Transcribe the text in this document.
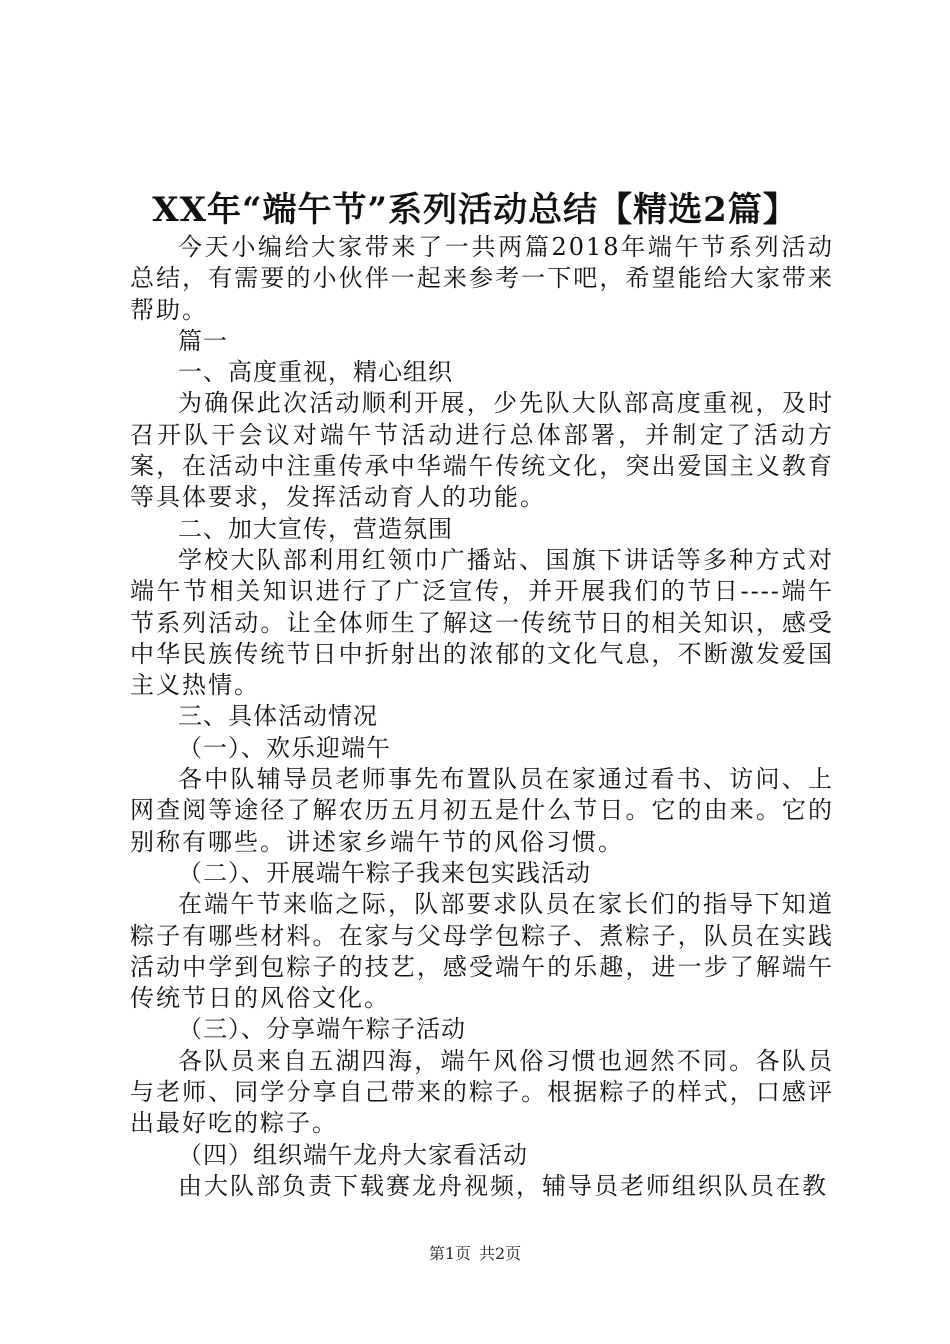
XX年“端午节”系列活动总结【精选2篇】

今天小编给大家带来了一共两篇2018年端午节系列活动总结，有需要的小伙伴一起来参考一下吧，希望能给大家带来帮助。

篇一

一、高度重视，精心组织

为确保此次活动顺利开展，少先队大队部高度重视，及时召开队干会议对端午节活动进行总体部署，并制定了活动方案，在活动中注重传承中华端午传统文化，突出爱国主义教育等具体要求，发挥活动育人的功能。

二、加大宣传，营造氛围

学校大队部利用红领巾广播站、国旗下讲话等多种方式对端午节相关知识进行了广泛宣传，并开展我们的节日----端午节系列活动。让全体师生了解这一传统节日的相关知识，感受中华民族传统节日中折射出的浓郁的文化气息，不断激发爱国主义热情。

三、具体活动情况

（一）、欢乐迎端午

各中队辅导员老师事先布置队员在家通过看书、访问、上网查阅等途径了解农历五月初五是什么节日。它的由来。它的别称有哪些。讲述家乡端午节的风俗习惯。

（二）、开展端午粽子我来包实践活动

在端午节来临之际，队部要求队员在家长们的指导下知道粽子有哪些材料。在家与父母学包粽子、煮粽子，队员在实践活动中学到包粽子的技艺，感受端午的乐趣，进一步了解端午传统节日的风俗文化。

（三）、分享端午粽子活动

各队员来自五湖四海，端午风俗习惯也迥然不同。各队员与老师、同学分享自己带来的粽子。根据粽子的样式，口感评出最好吃的粽子。

（四）组织端午龙舟大家看活动

由大队部负责下载赛龙舟视频，辅导员老师组织队员在教

第1页 共2页
